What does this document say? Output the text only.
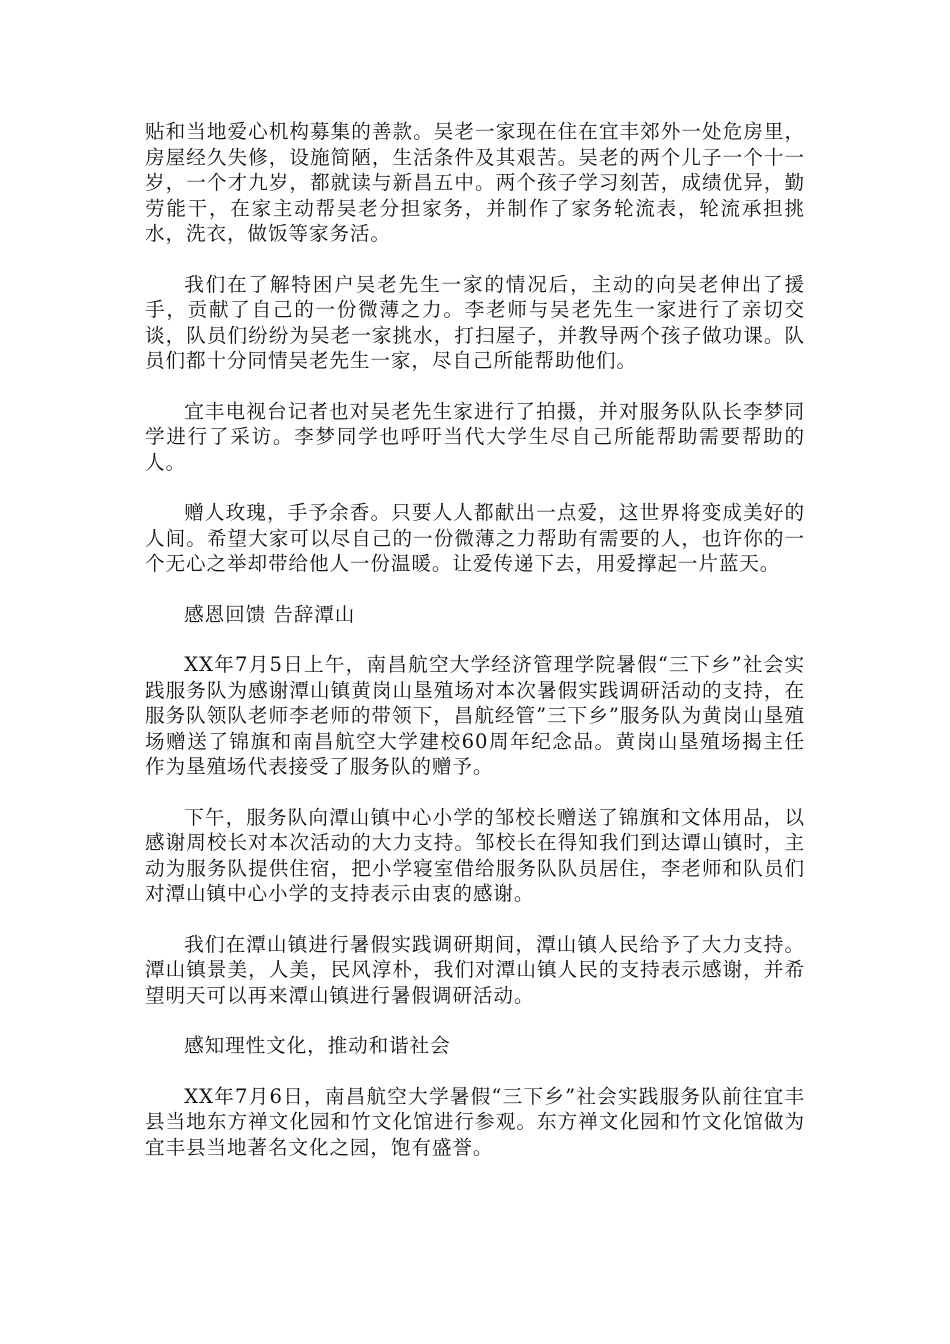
贴和当地爱心机构募集的善款。吴老一家现在住在宜丰郊外一处危房里，房屋经久失修，设施简陋，生活条件及其艰苦。吴老的两个儿子一个十一岁，一个才九岁，都就读与新昌五中。两个孩子学习刻苦，成绩优异，勤劳能干，在家主动帮吴老分担家务，并制作了家务轮流表，轮流承担挑水，洗衣，做饭等家务活。

我们在了解特困户吴老先生一家的情况后，主动的向吴老伸出了援手，贡献了自己的一份微薄之力。李老师与吴老先生一家进行了亲切交谈，队员们纷纷为吴老一家挑水，打扫屋子，并教导两个孩子做功课。队员们都十分同情吴老先生一家，尽自己所能帮助他们。

宜丰电视台记者也对吴老先生家进行了拍摄，并对服务队队长李梦同学进行了采访。李梦同学也呼吁当代大学生尽自己所能帮助需要帮助的人。

赠人玫瑰，手予余香。只要人人都献出一点爱，这世界将变成美好的人间。希望大家可以尽自己的一份微薄之力帮助有需要的人，也许你的一个无心之举却带给他人一份温暖。让爱传递下去，用爱撑起一片蓝天。

感恩回馈 告辞潭山

XX年7月5日上午，南昌航空大学经济管理学院暑假“三下乡”社会实践服务队为感谢潭山镇黄岗山垦殖场对本次暑假实践调研活动的支持，在服务队领队老师李老师的带领下，昌航经管”三下乡”服务队为黄岗山垦殖场赠送了锦旗和南昌航空大学建校60周年纪念品。黄岗山垦殖场揭主任作为垦殖场代表接受了服务队的赠予。

下午，服务队向潭山镇中心小学的邹校长赠送了锦旗和文体用品，以感谢周校长对本次活动的大力支持。邹校长在得知我们到达谭山镇时，主动为服务队提供住宿，把小学寝室借给服务队队员居住，李老师和队员们对潭山镇中心小学的支持表示由衷的感谢。

我们在潭山镇进行暑假实践调研期间，潭山镇人民给予了大力支持。潭山镇景美，人美，民风淳朴，我们对潭山镇人民的支持表示感谢，并希望明天可以再来潭山镇进行暑假调研活动。

感知理性文化，推动和谐社会

XX年7月6日，南昌航空大学暑假“三下乡”社会实践服务队前往宜丰县当地东方禅文化园和竹文化馆进行参观。东方禅文化园和竹文化馆做为宜丰县当地著名文化之园，饱有盛誉。
